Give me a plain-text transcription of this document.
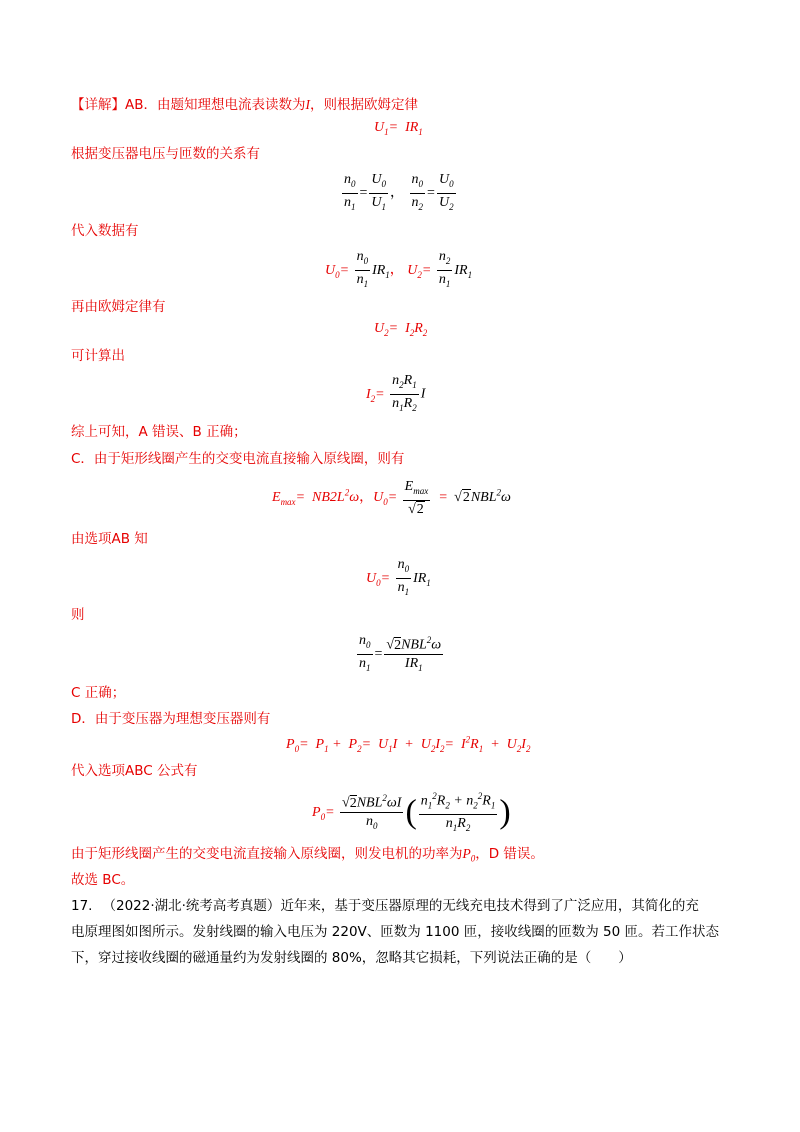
【详解】AB．由题知理想电流表读数为I，则根据欧姆定律
$U_1= IR_1$
根据变压器电压与匝数的关系有
$\frac{n_0}{n_1} = \frac{U_0}{U_1}$ ， $\frac{n_0}{n_2} = \frac{U_0}{U_2}$
代入数据有
$U_0= \frac{n_0}{n_1} IR_1$， $U_2= \frac{n_2}{n_1} IR_1$
再由欧姆定律有
$U_2= I_2R_2$
可计算出
$I_2= \frac{n_2R_1}{n_1R_2}$ I
综上可知，A 错误、B 正确；
C．由于矩形线圈产生的交变电流直接输入原线圈，则有
$E_{max}= NB2L^2\omega$，$U_0= \frac{E_{max}}{√2} = √2NBL^2\omega$
由选项AB 知
$U_0= \frac{n_0}{n_1} IR_1$
则
$\frac{n_0}{n_1} = \frac{√2NBL^2\omega}{IR_1}$
C 正确；
D．由于变压器为理想变压器则有
$P_0= P_1 + P_2= U_1I + U_2I_2= I^2R_1 + U_2I_2$
代入选项ABC 公式有
$P_0= \frac{√2NBL^2\omega I}{n_0}$ ( $\frac{n_1^2R_2 + n_2^2R_1}{n_1R_2}$ )
由于矩形线圈产生的交变电流直接输入原线圈，则发电机的功率为$P_0$，D 错误。
故选 BC。
17. （2022·湖北·统考高考真题）近年来，基于变压器原理的无线充电技术得到了广泛应用，其简化的充
电原理图如图所示。发射线圈的输入电压为 220V、匝数为 1100 匝，接收线圈的匝数为 50 匝。若工作状态
下，穿过接收线圈的磁通量约为发射线圈的 80%，忽略其它损耗，下列说法正确的是（　　）
